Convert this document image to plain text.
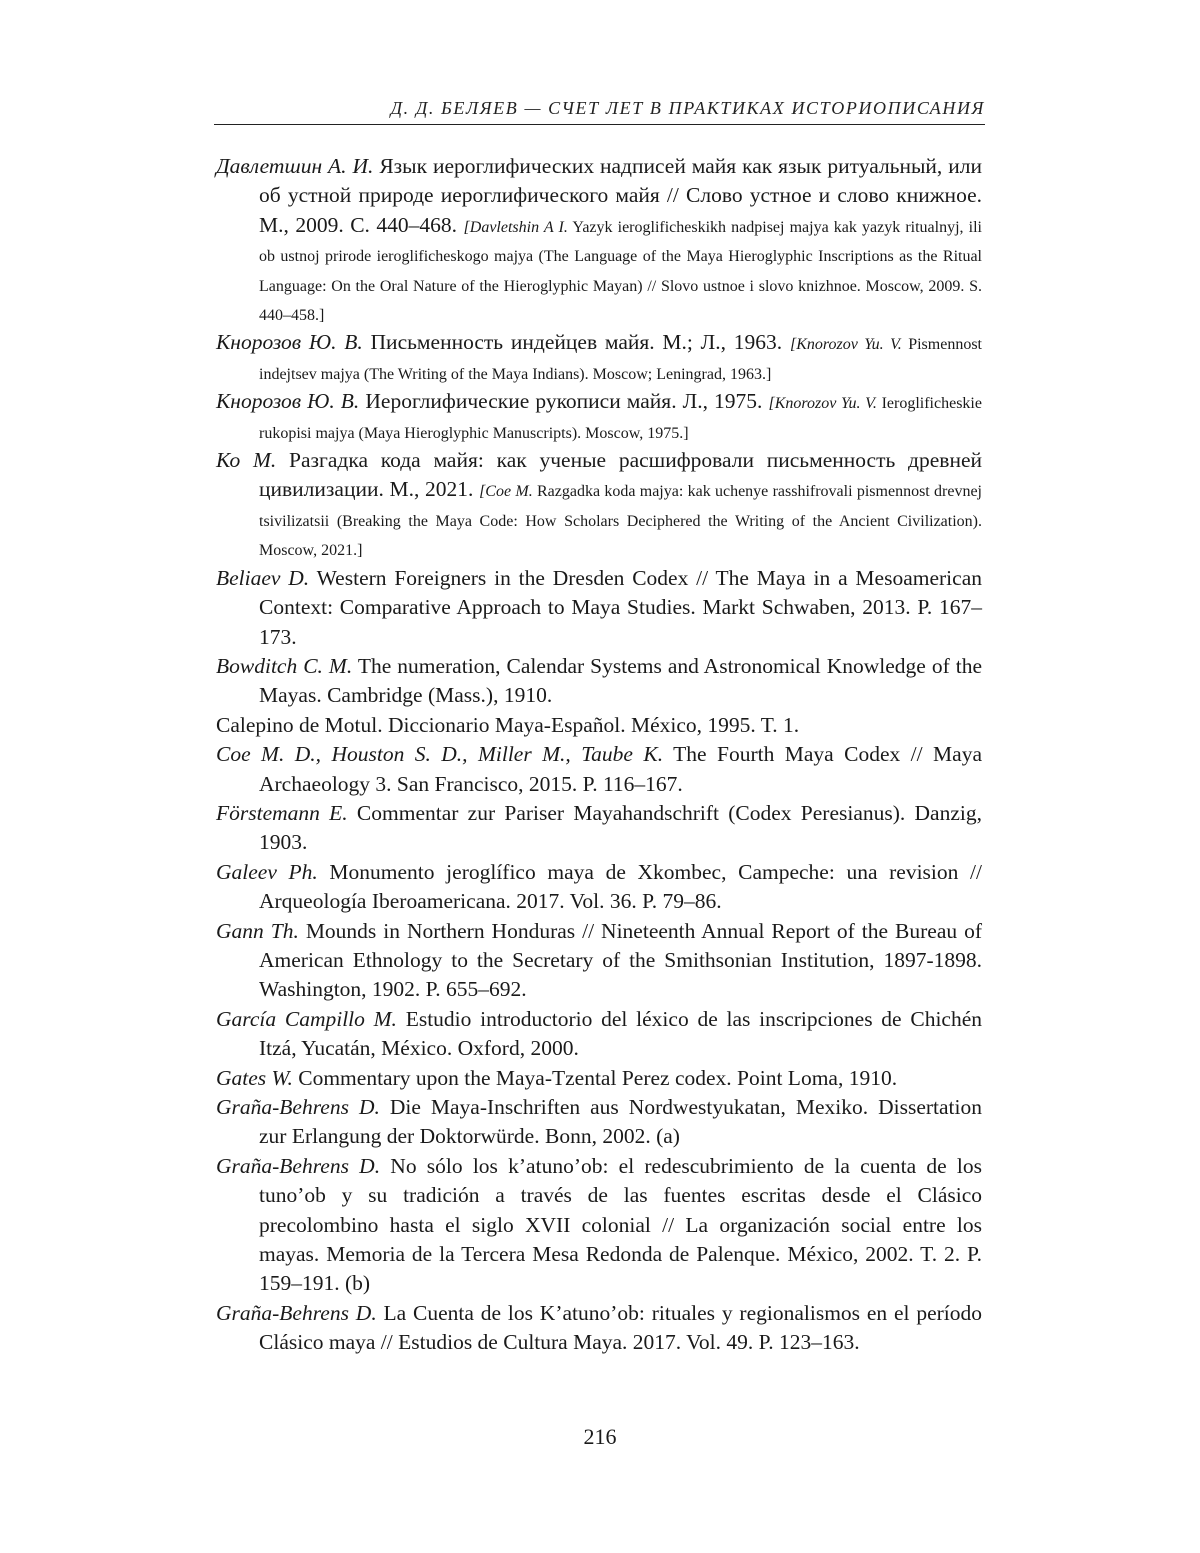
Д. Д. БЕЛЯЕВ — СЧЕТ ЛЕТ В ПРАКТИКАХ ИСТОРИОПИСАНИЯ
Давлетшин А. И. Язык иероглифических надписей майя как язык ритуальный, или об устной природе иероглифического майя // Слово устное и слово книжное. М., 2009. С. 440–468. [Davletshin A I. Yazyk ieroglificheskikh nadpisej majya kak yazyk ritualnyj, ili ob ustnoj prirode ieroglificheskogo majya (The Language of the Maya Hieroglyphic Inscriptions as the Ritual Language: On the Oral Nature of the Hieroglyphic Mayan) // Slovo ustnoe i slovo knizhnoe. Moscow, 2009. S. 440–458.]
Кнорозов Ю. В. Письменность индейцев майя. М.; Л., 1963. [Knorozov Yu. V. Pismennost indejtsev majya (The Writing of the Maya Indians). Moscow; Leningrad, 1963.]
Кнорозов Ю. В. Иероглифические рукописи майя. Л., 1975. [Knorozov Yu. V. Ieroglificheskie rukopisi majya (Maya Hieroglyphic Manuscripts). Moscow, 1975.]
Ко М. Разгадка кода майя: как ученые расшифровали письменность древней цивилизации. М., 2021. [Coe M. Razgadka koda majya: kak uchenye rasshifrovali pismennost drevnej tsivilizatsii (Breaking the Maya Code: How Scholars Deciphered the Writing of the Ancient Civilization). Moscow, 2021.]
Beliaev D. Western Foreigners in the Dresden Codex // The Maya in a Mesoamerican Context: Comparative Approach to Maya Studies. Markt Schwaben, 2013. P. 167–173.
Bowditch C. M. The numeration, Calendar Systems and Astronomical Knowledge of the Mayas. Cambridge (Mass.), 1910.
Calepino de Motul. Diccionario Maya-Español. México, 1995. T. 1.
Coe M. D., Houston S. D., Miller M., Taube K. The Fourth Maya Codex // Maya Archaeology 3. San Francisco, 2015. P. 116–167.
Förstemann E. Commentar zur Pariser Mayahandschrift (Codex Peresianus). Danzig, 1903.
Galeev Ph. Monumento jeroglífico maya de Xkombec, Campeche: una revision // Arqueología Iberoamericana. 2017. Vol. 36. P. 79–86.
Gann Th. Mounds in Northern Honduras // Nineteenth Annual Report of the Bureau of American Ethnology to the Secretary of the Smithsonian Institution, 1897-1898. Washington, 1902. P. 655–692.
García Campillo M. Estudio introductorio del léxico de las inscripciones de Chichén Itzá, Yucatán, México. Oxford, 2000.
Gates W. Commentary upon the Maya-Tzental Perez codex. Point Loma, 1910.
Graña-Behrens D. Die Maya-Inschriften aus Nordwestyukatan, Mexiko. Dissertation zur Erlangung der Doktorwürde. Bonn, 2002. (a)
Graña-Behrens D. No sólo los k’atuno’ob: el redescubrimiento de la cuenta de los tuno’ob y su tradición a través de las fuentes escritas desde el Clásico precolombino hasta el siglo XVII colonial // La organización social entre los mayas. Memoria de la Tercera Mesa Redonda de Palenque. México, 2002. T. 2. P. 159–191. (b)
Graña-Behrens D. La Cuenta de los K’atuno’ob: rituales y regionalismos en el período Clásico maya // Estudios de Cultura Maya. 2017. Vol. 49. P. 123–163.
216
